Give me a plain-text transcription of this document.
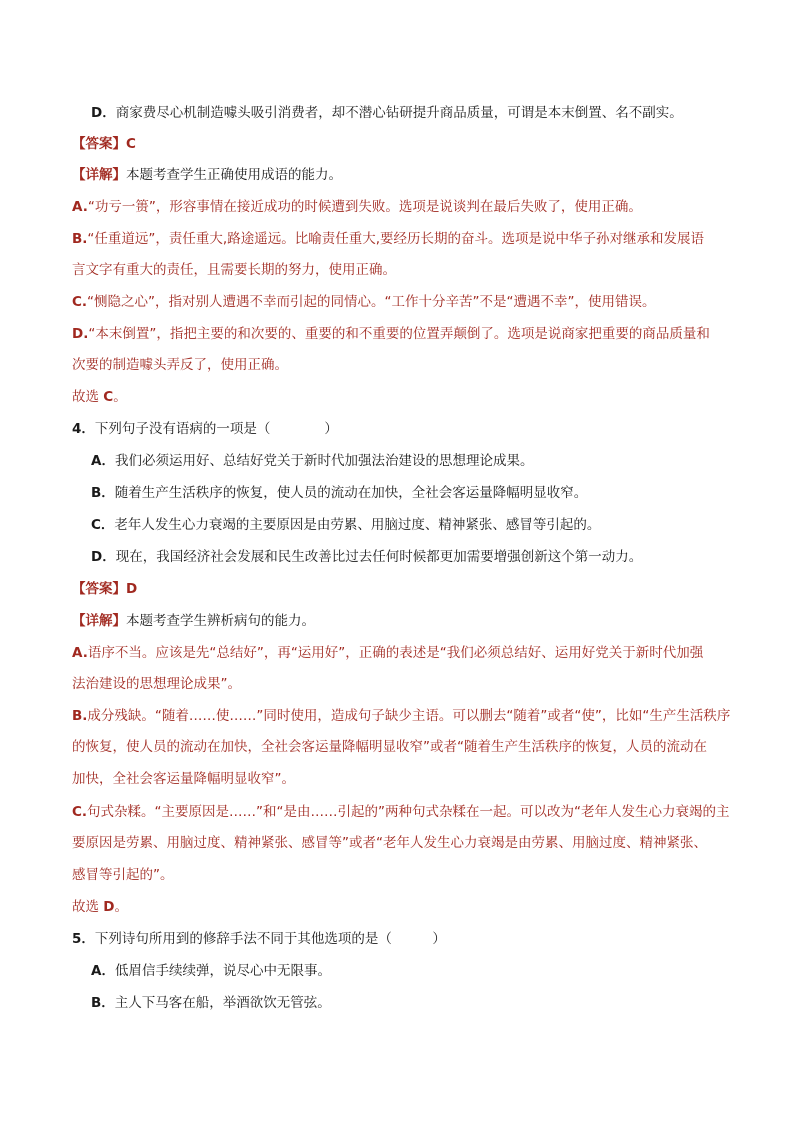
D．商家费尽心机制造噱头吸引消费者，却不潜心钻研提升商品质量，可谓是本末倒置、名不副实。
【答案】C
【详解】本题考查学生正确使用成语的能力。
A.“功亏一篑”，形容事情在接近成功的时候遭到失败。选项是说谈判在最后失败了，使用正确。
B.“任重道远”，责任重大,路途遥远。比喻责任重大,要经历长期的奋斗。选项是说中华子孙对继承和发展语
言文字有重大的责任，且需要长期的努力，使用正确。
C.“恻隐之心”，指对别人遭遇不幸而引起的同情心。“工作十分辛苦”不是“遭遇不幸”，使用错误。
D.“本末倒置”，指把主要的和次要的、重要的和不重要的位置弄颠倒了。选项是说商家把重要的商品质量和
次要的制造噱头弄反了，使用正确。
故选 C。
4．下列句子没有语病的一项是（　　　　）
A．我们必须运用好、总结好党关于新时代加强法治建设的思想理论成果。
B．随着生产生活秩序的恢复，使人员的流动在加快，全社会客运量降幅明显收窄。
C．老年人发生心力衰竭的主要原因是由劳累、用脑过度、精神紧张、感冒等引起的。
D．现在，我国经济社会发展和民生改善比过去任何时候都更加需要增强创新这个第一动力。
【答案】D
【详解】本题考查学生辨析病句的能力。
A.语序不当。应该是先“总结好”，再“运用好”，正确的表述是“我们必须总结好、运用好党关于新时代加强
法治建设的思想理论成果”。
B.成分残缺。“随着……使……”同时使用，造成句子缺少主语。可以删去“随着”或者“使”，比如“生产生活秩序
的恢复，使人员的流动在加快，全社会客运量降幅明显收窄”或者“随着生产生活秩序的恢复，人员的流动在
加快，全社会客运量降幅明显收窄”。
C.句式杂糅。“主要原因是……”和“是由……引起的”两种句式杂糅在一起。可以改为“老年人发生心力衰竭的主
要原因是劳累、用脑过度、精神紧张、感冒等”或者“老年人发生心力衰竭是由劳累、用脑过度、精神紧张、
感冒等引起的”。
故选 D。
5．下列诗句所用到的修辞手法不同于其他选项的是（　　　）
A．低眉信手续续弹，说尽心中无限事。
B．主人下马客在船，举酒欲饮无管弦。
